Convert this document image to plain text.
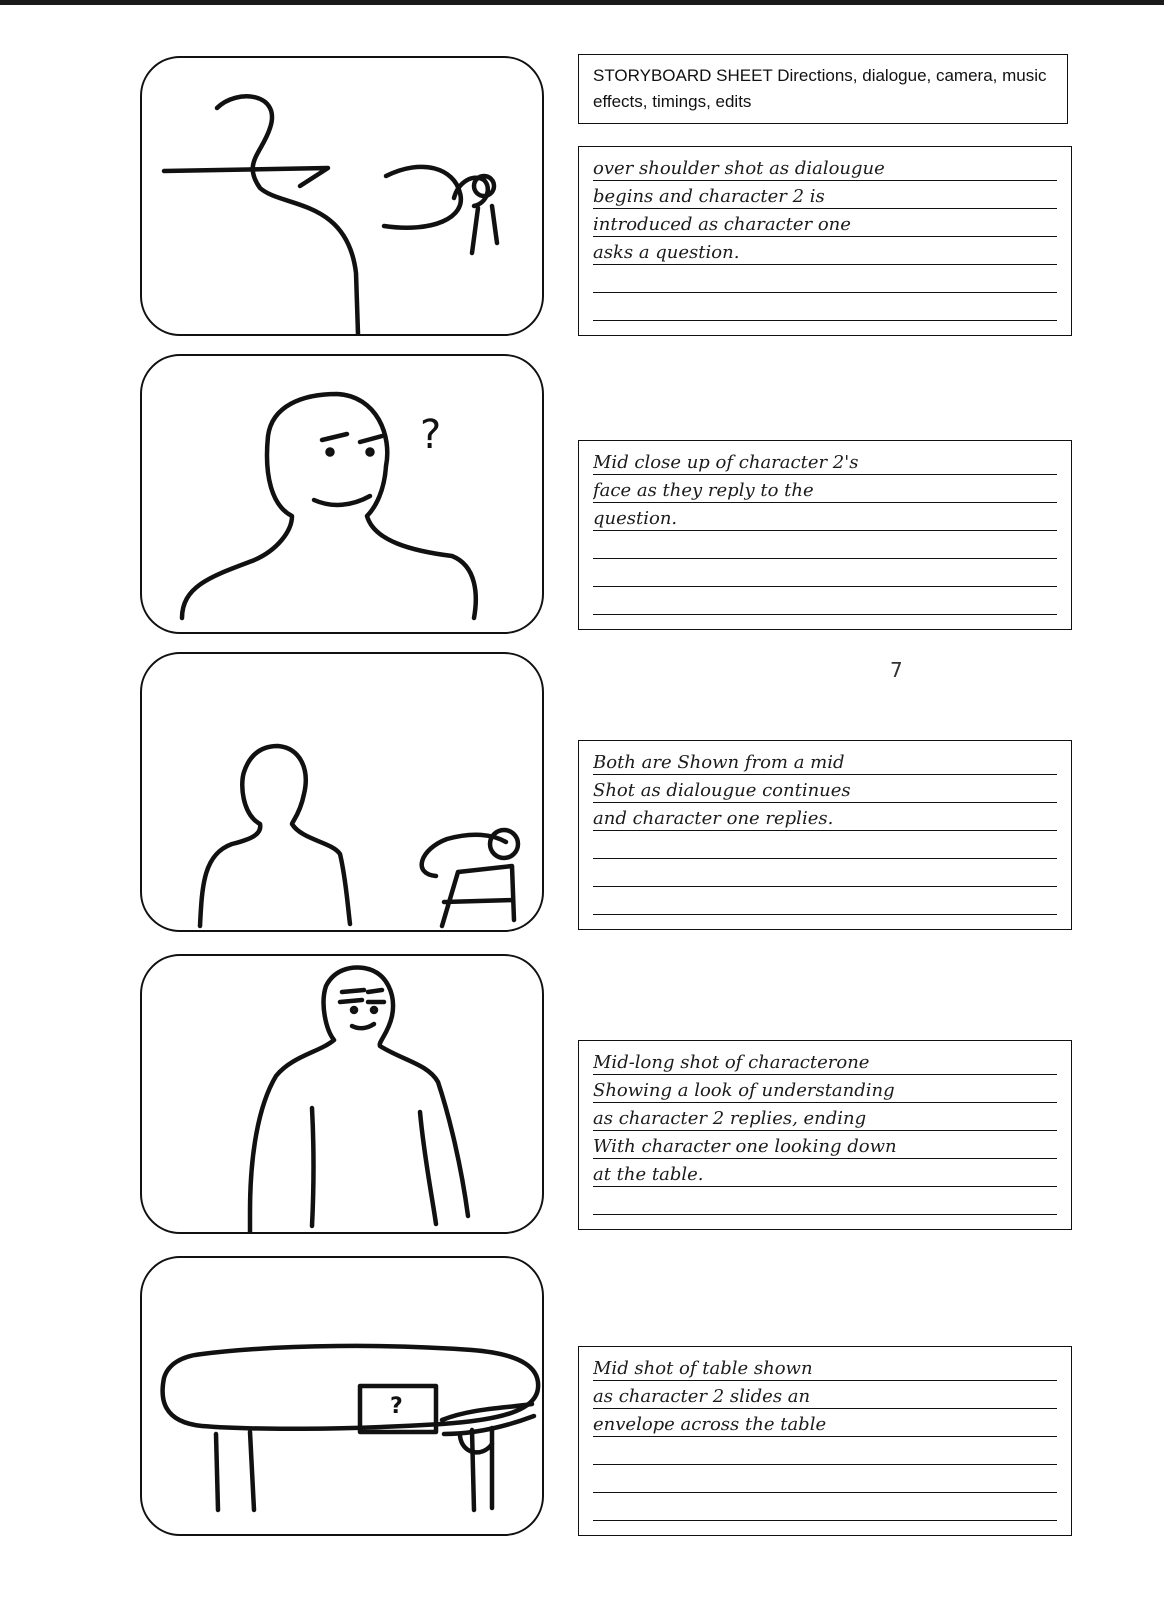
STORYBOARD SHEET Directions, dialogue, camera, music effects, timings, edits
over shoulder shot as dialougue
begins and character 2 is
introduced as character one
asks a question.
?
Mid close up of character 2's
face as they reply to the
question.
7
Both are Shown from a mid
Shot as dialougue continues
and character one replies.
Mid-long shot of characterone
Showing a look of understanding
as character 2 replies, ending
With character one looking down
at the table.
?
Mid shot of table shown
as character 2 slides an
envelope across the table
